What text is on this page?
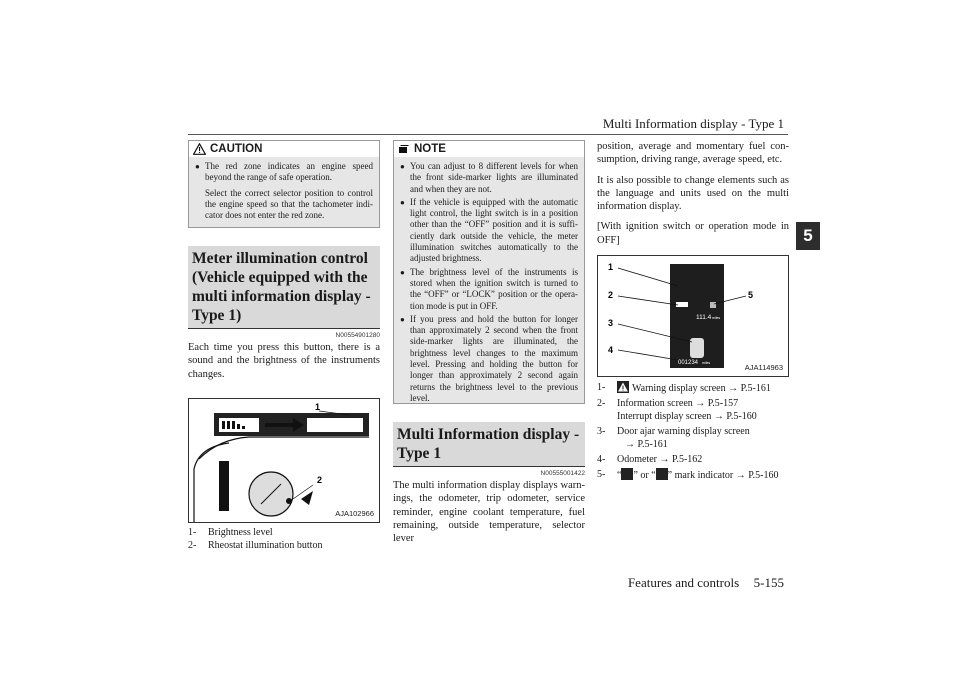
Multi Information display - Type 1
5
CAUTION
● The red zone indicates an engine speed beyond the range of safe operation.
Select the correct selector position to control the engine speed so that the tachometer indi- cator does not enter the red zone.
Meter illumination control (Vehicle equipped with the multi information display - Type 1)
N00554901280
Each time you press this button, there is a sound and the brightness of the instruments changes.
1
2
AJA102966
1-	Brightness level
2-	Rheostat illumination button
NOTE
● You can adjust to 8 different levels for when the front side-marker lights are illuminated and when they are not.
● If the vehicle is equipped with the automatic light control, the light switch is in a position other than the “OFF” position and it is suffi- ciently dark outside the vehicle, the meter illumination switches automatically to the adjusted brightness.
● The brightness level of the instruments is stored when the ignition switch is turned to the “OFF” or “LOCK” position or the opera- tion mode is put in OFF.
● If you press and hold the button for longer than approximately 2 second when the front side-marker lights are illuminated, the brightness level changes to the maximum level. Pressing and holding the button for longer than approximately 2 second again returns the brightness level to the previous level.
Multi Information display - Type 1
N00555001422
The multi information display displays warn- ings, the odometer, trip odometer, service reminder, engine coolant temperature, fuel remaining, outside temperature, selector lever
position, average and momentary fuel con- sumption, driving range, average speed, etc.
It is also possible to change elements such as the language and units used on the multi information display.
[With ignition switch or operation mode in OFF]
1
2
3
4
5
111.4 miles
001234 miles	AJA114963
1-	Warning display screen → P.5-161
2-	Information screen → P.5-157
Interrupt display screen → P.5-160
3-	Door ajar warning display screen
→ P.5-161
4-	Odometer → P.5-162
5-	“ ” or “ ” mark indicator → P.5-160
Features and controls 5-155
